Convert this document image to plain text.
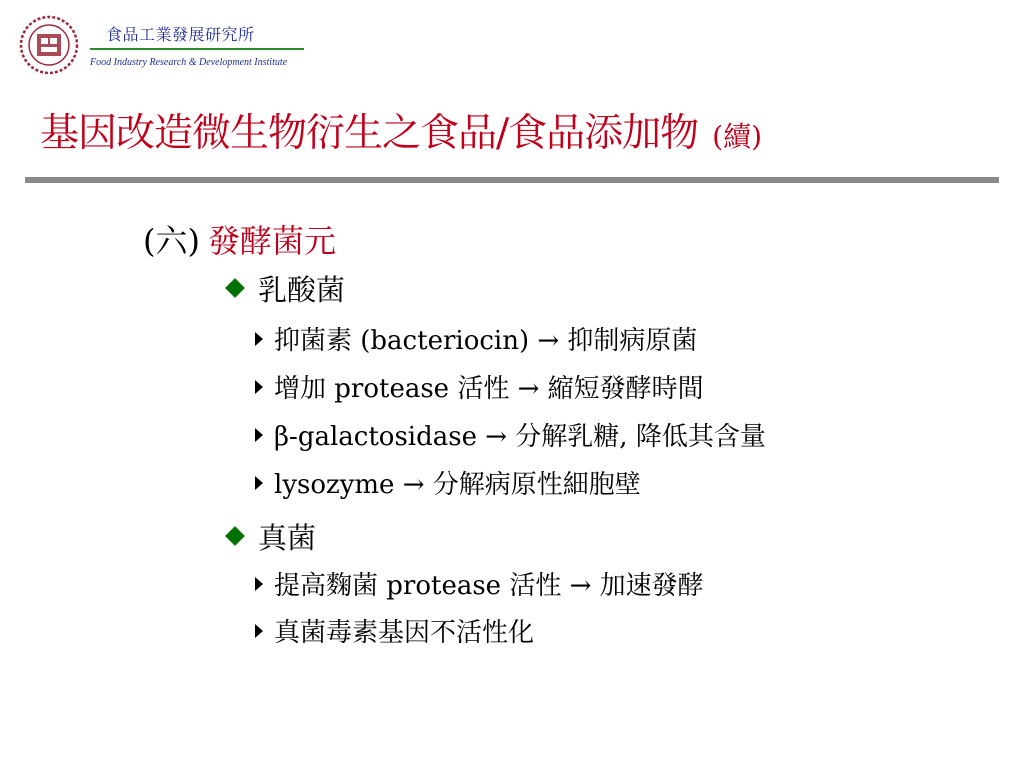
食品工業發展研究所
Food Industry Research & Development Institute
基因改造微生物衍生之食品/食品添加物 (續)
(六) 發酵菌元
乳酸菌
抑菌素 (bacteriocin) → 抑制病原菌
增加 protease 活性 → 縮短發酵時間
β-galactosidase → 分解乳糖, 降低其含量
lysozyme → 分解病原性細胞壁
真菌
提高麴菌 protease 活性 → 加速發酵
真菌毒素基因不活性化
